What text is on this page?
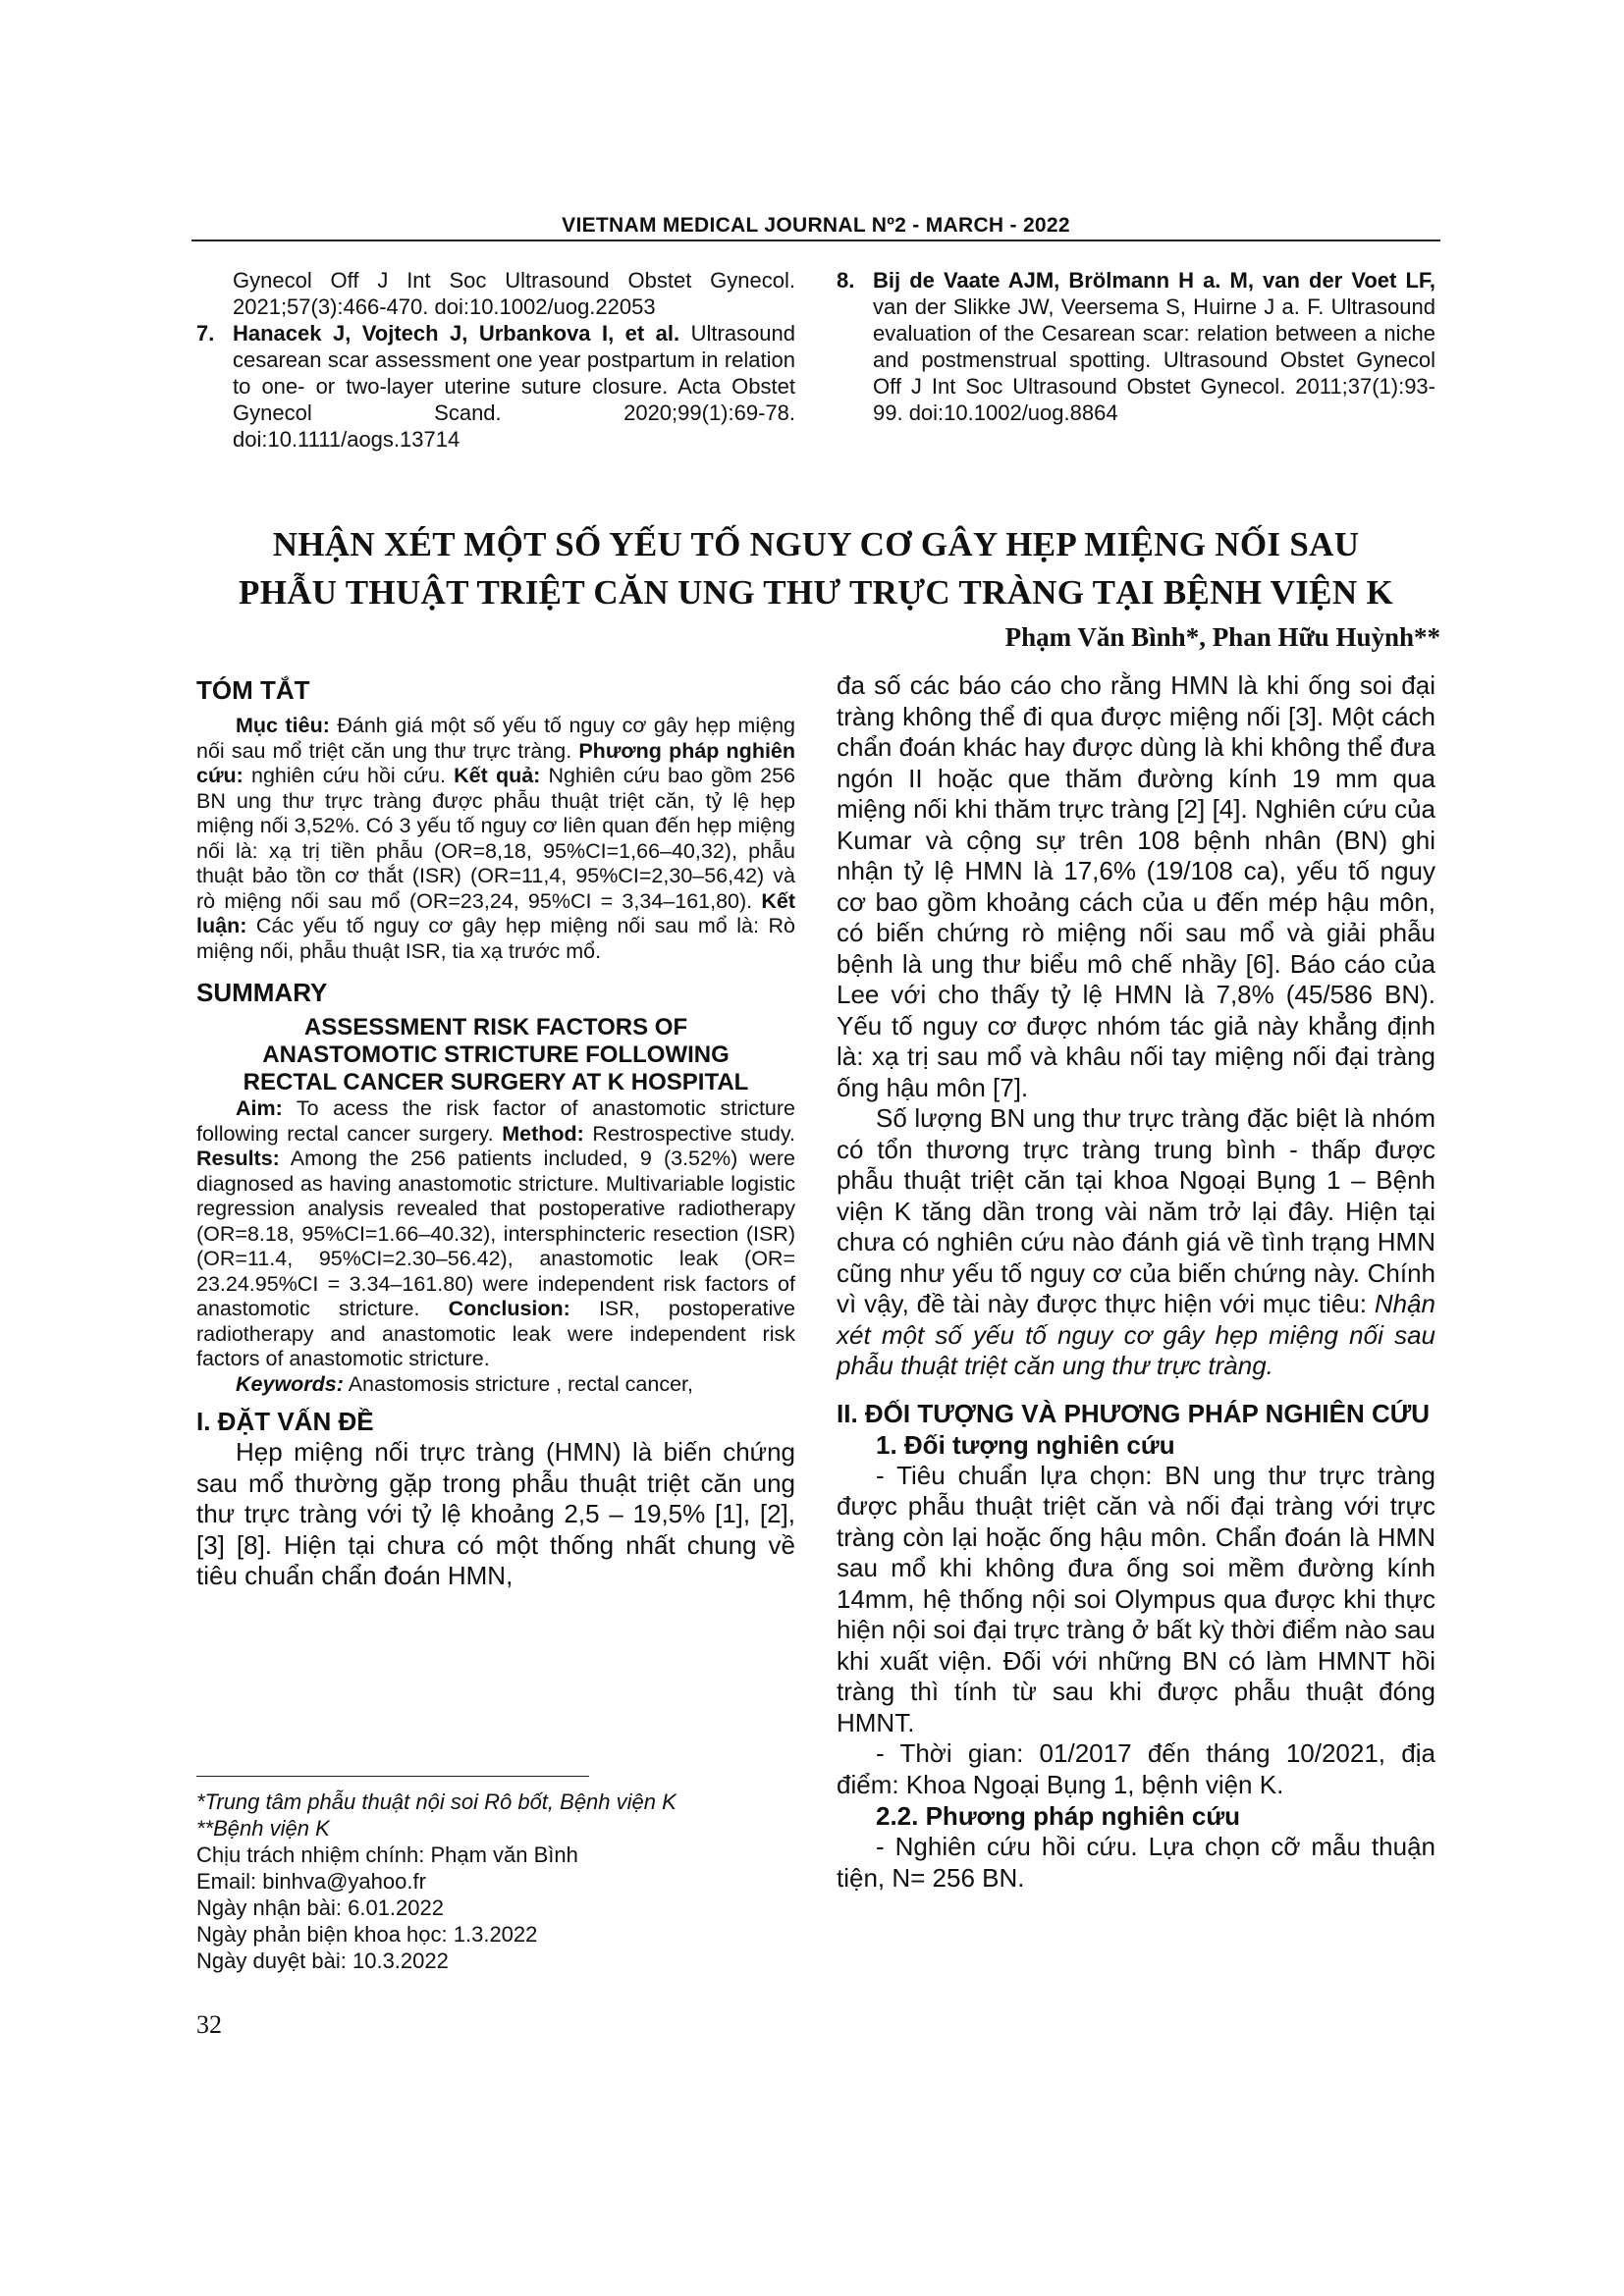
VIETNAM MEDICAL JOURNAL Nº2 - MARCH - 2022
Gynecol Off J Int Soc Ultrasound Obstet Gynecol. 2021;57(3):466-470. doi:10.1002/uog.22053
7. Hanacek J, Vojtech J, Urbankova I, et al. Ultrasound cesarean scar assessment one year postpartum in relation to one- or two-layer uterine suture closure. Acta Obstet Gynecol Scand. 2020;99(1):69-78. doi:10.1111/aogs.13714
8. Bij de Vaate AJM, Brölmann H a. M, van der Voet LF, van der Slikke JW, Veersema S, Huirne J a. F. Ultrasound evaluation of the Cesarean scar: relation between a niche and postmenstrual spotting. Ultrasound Obstet Gynecol Off J Int Soc Ultrasound Obstet Gynecol. 2011;37(1):93-99. doi:10.1002/uog.8864
NHẬN XÉT MỘT SỐ YẾU TỐ NGUY CƠ GÂY HẸP MIỆNG NỐI SAU
PHẪU THUẬT TRIỆT CĂN UNG THƯ TRỰC TRÀNG TẠI BỆNH VIỆN K
Phạm Văn Bình*, Phan Hữu Huỳnh**

TÓM TẮT

Mục tiêu: Đánh giá một số yếu tố nguy cơ gây hẹp miệng nối sau mổ triệt căn ung thư trực tràng. Phương pháp nghiên cứu: nghiên cứu hồi cứu. Kết quả: Nghiên cứu bao gồm 256 BN ung thư trực tràng được phẫu thuật triệt căn, tỷ lệ hẹp miệng nối 3,52%. Có 3 yếu tố nguy cơ liên quan đến hẹp miệng nối là: xạ trị tiền phẫu (OR=8,18, 95%CI=1,66–40,32), phẫu thuật bảo tồn cơ thắt (ISR) (OR=11,4, 95%CI=2,30–56,42) và rò miệng nối sau mổ (OR=23,24, 95%CI = 3,34–161,80). Kết luận: Các yếu tố nguy cơ gây hẹp miệng nối sau mổ là: Rò miệng nối, phẫu thuật ISR, tia xạ trước mổ.

SUMMARY

ASSESSMENT RISK FACTORS OF

ANASTOMOTIC STRICTURE FOLLOWING

RECTAL CANCER SURGERY AT K HOSPITAL

Aim: To acess the risk factor of anastomotic stricture following rectal cancer surgery. Method: Restrospective study. Results: Among the 256 patients included, 9 (3.52%) were diagnosed as having anastomotic stricture. Multivariable logistic regression analysis revealed that postoperative radiotherapy (OR=8.18, 95%CI=1.66–40.32), intersphincteric resection (ISR) (OR=11.4, 95%CI=2.30–56.42), anastomotic leak (OR= 23.24.95%CI = 3.34–161.80) were independent risk factors of anastomotic stricture. Conclusion: ISR, postoperative radiotherapy and anastomotic leak were independent risk factors of anastomotic stricture.

Keywords: Anastomosis stricture , rectal cancer,

I. ĐẶT VẤN ĐỀ

Hẹp miệng nối trực tràng (HMN) là biến chứng sau mổ thường gặp trong phẫu thuật triệt căn ung thư trực tràng với tỷ lệ khoảng 2,5 – 19,5% [1], [2], [3] [8]. Hiện tại chưa có một thống nhất chung về tiêu chuẩn chẩn đoán HMN,

đa số các báo cáo cho rằng HMN là khi ống soi đại tràng không thể đi qua được miệng nối [3]. Một cách chẩn đoán khác hay được dùng là khi không thể đưa ngón II hoặc que thăm đường kính 19 mm qua miệng nối khi thăm trực tràng [2] [4]. Nghiên cứu của Kumar và cộng sự trên 108 bệnh nhân (BN) ghi nhận tỷ lệ HMN là 17,6% (19/108 ca), yếu tố nguy cơ bao gồm khoảng cách của u đến mép hậu môn, có biến chứng rò miệng nối sau mổ và giải phẫu bệnh là ung thư biểu mô chế nhầy [6]. Báo cáo của Lee với cho thấy tỷ lệ HMN là 7,8% (45/586 BN). Yếu tố nguy cơ được nhóm tác giả này khẳng định là: xạ trị sau mổ và khâu nối tay miệng nối đại tràng ống hậu môn [7].

Số lượng BN ung thư trực tràng đặc biệt là nhóm có tổn thương trực tràng trung bình - thấp được phẫu thuật triệt căn tại khoa Ngoại Bụng 1 – Bệnh viện K tăng dần trong vài năm trở lại đây. Hiện tại chưa có nghiên cứu nào đánh giá về tình trạng HMN cũng như yếu tố nguy cơ của biến chứng này. Chính vì vậy, đề tài này được thực hiện với mục tiêu: Nhận xét một số yếu tố nguy cơ gây hẹp miệng nối sau phẫu thuật triệt căn ung thư trực tràng.

II. ĐỐI TƯỢNG VÀ PHƯƠNG PHÁP NGHIÊN CỨU

1. Đối tượng nghiên cứu

- Tiêu chuẩn lựa chọn: BN ung thư trực tràng được phẫu thuật triệt căn và nối đại tràng với trực tràng còn lại hoặc ống hậu môn. Chẩn đoán là HMN sau mổ khi không đưa ống soi mềm đường kính 14mm, hệ thống nội soi Olympus qua được khi thực hiện nội soi đại trực tràng ở bất kỳ thời điểm nào sau khi xuất viện. Đối với những BN có làm HMNT hồi tràng thì tính từ sau khi được phẫu thuật đóng HMNT.

- Thời gian: 01/2017 đến tháng 10/2021, địa điểm: Khoa Ngoại Bụng 1, bệnh viện K.

2.2. Phương pháp nghiên cứu

- Nghiên cứu hồi cứu. Lựa chọn cỡ mẫu thuận tiện, N= 256 BN.

*Trung tâm phẫu thuật nội soi Rô bốt, Bệnh viện K
**Bệnh viện K
Chịu trách nhiệm chính: Phạm văn Bình
Email: binhva@yahoo.fr
Ngày nhận bài: 6.01.2022
Ngày phản biện khoa học: 1.3.2022
Ngày duyệt bài: 10.3.2022
32
